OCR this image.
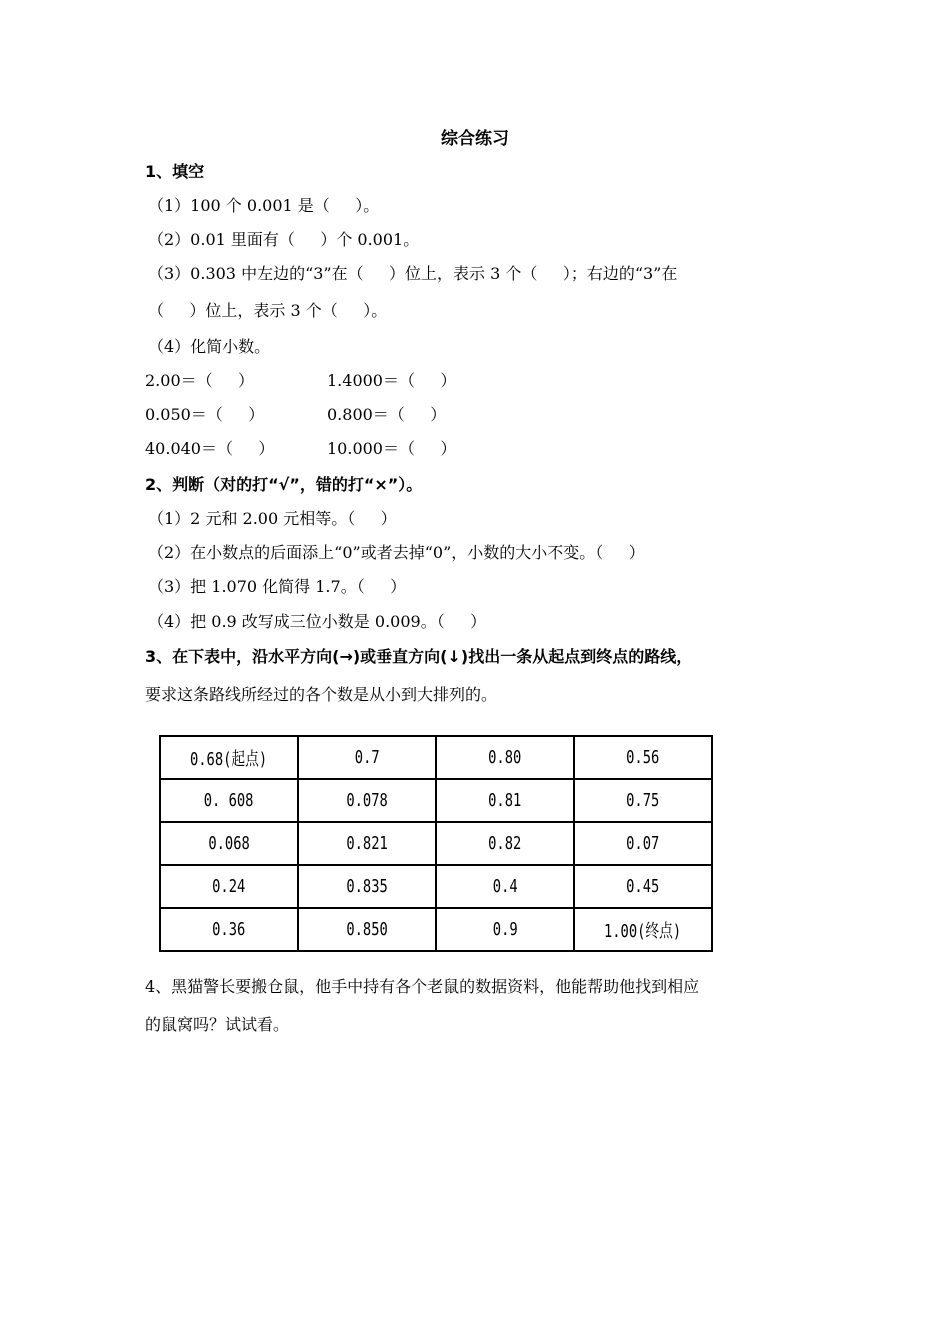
综合练习
1、填空
（1）100 个 0.001 是（     ）。
（2）0.01 里面有（     ）个 0.001。
（3）0.303 中左边的“3”在（     ）位上，表示 3 个（     ）；右边的“3”在
（     ）位上，表示 3 个（     ）。
（4）化简小数。
2.00＝（     ）	1.4000＝（     ）
0.050＝（     ）	0.800＝（     ）
40.040＝（     ）	10.000＝（     ）
2、判断（对的打“√”，错的打“×”）。
（1）2 元和 2.00 元相等。（     ）
（2）在小数点的后面添上“0”或者去掉“0”，小数的大小不变。（     ）
（3）把 1.070 化简得 1.7。（     ）
（4）把 0.9 改写成三位小数是 0.009。（     ）
3、在下表中，沿水平方向(→)或垂直方向(↓)找出一条从起点到终点的路线，
要求这条路线所经过的各个数是从小到大排列的。
0.68(起点)	0.7	0.80	0.56
0. 608	0.078	0.81	0.75
0.068	0.821	0.82	0.07
0.24	0.835	0.4	0.45
0.36	0.850	0.9	1.00(终点)
4、黑猫警长要搬仓鼠，他手中持有各个老鼠的数据资料，他能帮助他找到相应
的鼠窝吗？试试看。
